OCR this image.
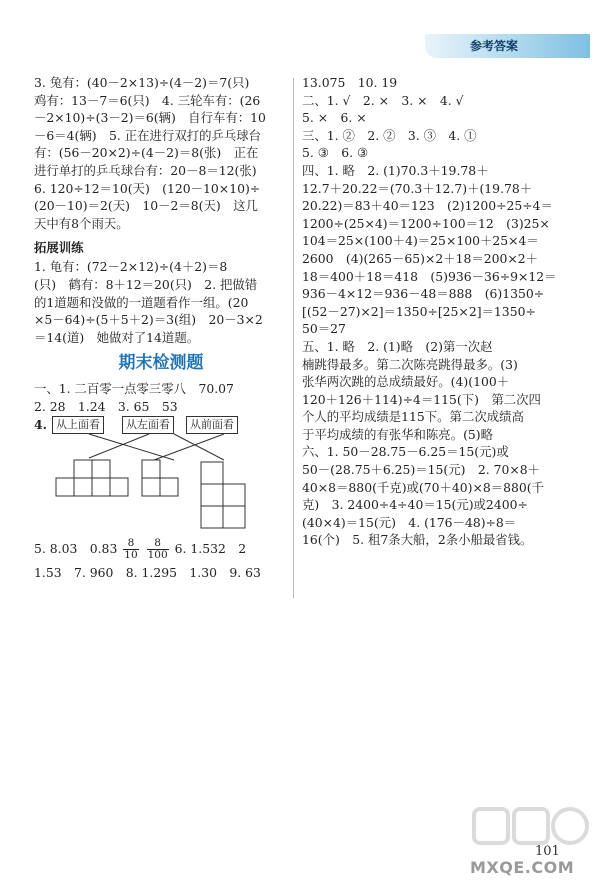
参考答案
3. 兔有：(40－2×13)÷(4－2)＝7(只)
鸡有：13－7＝6(只)　4. 三轮车有：(26
－2×10)÷(3－2)＝6(辆)　自行车有：10
－6＝4(辆)　5. 正在进行双打的乒乓球台
有：(56－20×2)÷(4－2)＝8(张)　正在
进行单打的乒乓球台有：20－8＝12(张)
6. 120÷12＝10(天)　(120－10×10)÷
(20－10)＝2(天)　10－2＝8(天)　这几
天中有8个雨天。
拓展训练
1. 龟有：(72－2×12)÷(4＋2)＝8
(只)　鹤有：8＋12＝20(只)　2. 把做错
的1道题和没做的一道题看作一组。(20
×5－64)÷(5＋5＋2)＝3(组)　20－3×2
＝14(道)　她做对了14道题。
期末检测题
一、1. 二百零一点零三零八　70.07
2. 28　1.24　3. 65　53
4. 从上面看	从左面看	从前面看
5. 8.03　$0.83 \frac{8}{10}$
$\frac{8}{100} 6$. 1.532　2
1.53　7. 960　8. 1.295　1.30　9. 63
13.075　10. 19
二、1. √　2. ×　3. ×　4. √
5. ×　6. ×
三、1. ②　2. ②　3. ③　4. ①
5. ③　6. ③
四、1. 略　2. (1)70.3＋19.78＋
12.7＋20.22＝(70.3＋12.7)＋(19.78＋
20.22)＝83＋40＝123　(2)1200÷25÷4＝
1200÷(25×4)＝1200÷100＝12　(3)25×
104＝25×(100＋4)＝25×100＋25×4＝
2600　(4)(265－65)×2＋18＝200×2＋
18＝400＋18＝418　(5)936－36÷9×12＝
936－4×12＝936－48＝888　(6)1350÷
[(52－27)×2]＝1350÷[25×2]＝1350÷
50＝27
五、1. 略　2. (1)略　(2)第一次赵
楠跳得最多。第二次陈亮跳得最多。(3)
张华两次跳的总成绩最好。(4)(100＋
120＋126＋114)÷4＝115(下)　第二次四
个人的平均成绩是115下。第二次成绩高
于平均成绩的有张华和陈亮。(5)略
六、1. 50－28.75－6.25＝15(元)或
50－(28.75＋6.25)＝15(元)　2. 70×8＋
40×8＝880(千克)或(70＋40)×8＝880(千
克)　3. 2400÷4÷40＝15(元)或2400÷
(40×4)＝15(元)　4. (176－48)÷8＝
16(个)　5. 租7条大船，2条小船最省钱。
MXQE.COM
101
